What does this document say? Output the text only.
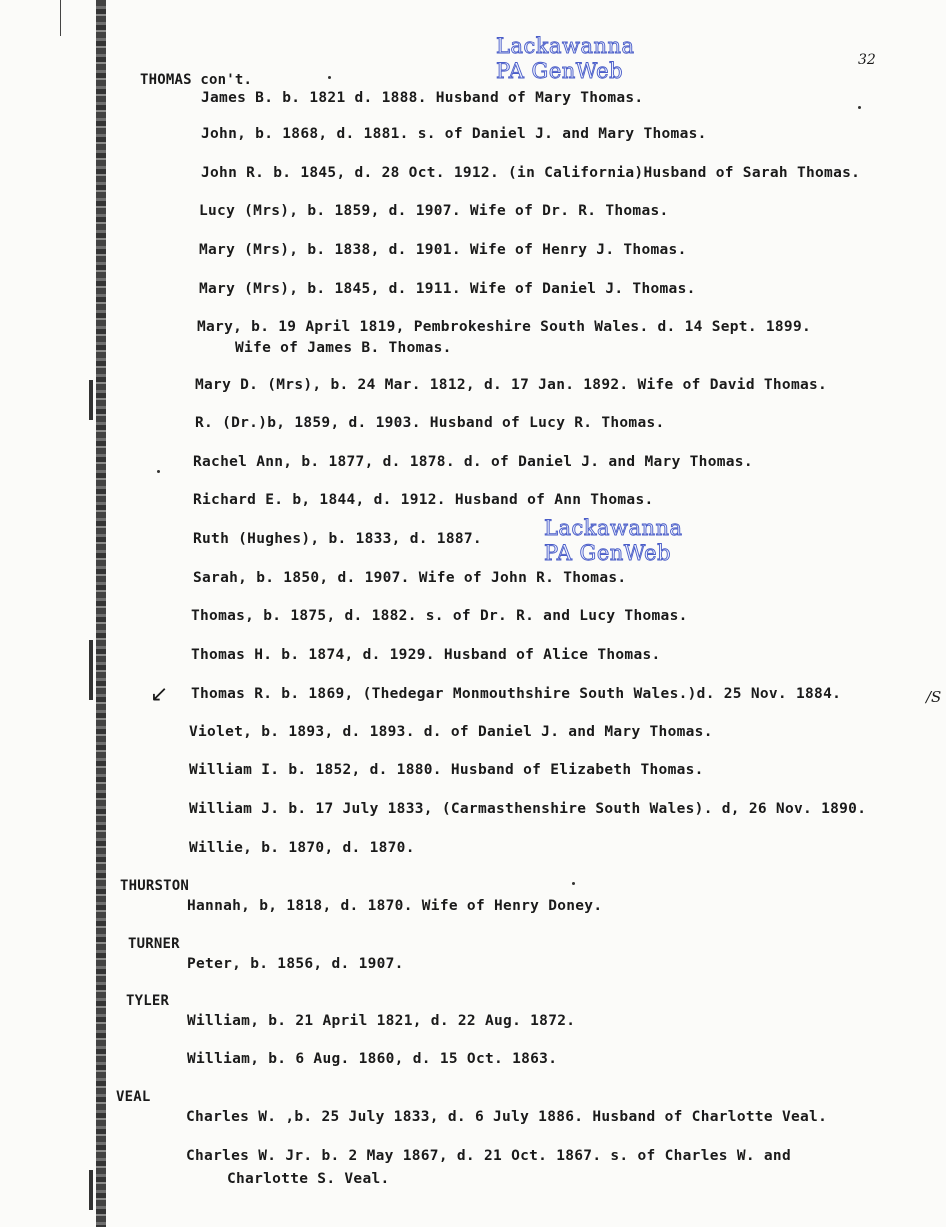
Lackawanna
PA GenWeb
Lackawanna
PA GenWeb
32
THOMAS con't.
James B. b. 1821 d. 1888. Husband of Mary Thomas.
John, b. 1868, d. 1881. s. of Daniel J. and Mary Thomas.
John R. b. 1845, d. 28 Oct. 1912. (in California)Husband of Sarah Thomas.
Lucy (Mrs), b. 1859, d. 1907. Wife of Dr. R. Thomas.
Mary (Mrs), b. 1838, d. 1901. Wife of Henry J. Thomas.
Mary (Mrs), b. 1845, d. 1911. Wife of Daniel J. Thomas.
Mary, b. 19 April 1819, Pembrokeshire South Wales. d. 14 Sept. 1899.
Wife of James B. Thomas.
Mary D. (Mrs), b. 24 Mar. 1812, d. 17 Jan. 1892. Wife of David Thomas.
R. (Dr.)b, 1859, d. 1903. Husband of Lucy R. Thomas.
Rachel Ann, b. 1877, d. 1878. d. of Daniel J. and Mary Thomas.
Richard E. b, 1844, d. 1912. Husband of Ann Thomas.
Ruth (Hughes), b. 1833, d. 1887.
Sarah, b. 1850, d. 1907. Wife of John R. Thomas.
Thomas, b. 1875, d. 1882. s. of Dr. R. and Lucy Thomas.
Thomas H. b. 1874, d. 1929. Husband of Alice Thomas.
↙ Thomas R. b. 1869, (Thedegar Monmouthshire South Wales.)d. 25 Nov. 1884.	/S
Violet, b. 1893, d. 1893. d. of Daniel J. and Mary Thomas.
William I. b. 1852, d. 1880. Husband of Elizabeth Thomas.
William J. b. 17 July 1833, (Carmasthenshire South Wales). d, 26 Nov. 1890.
Willie, b. 1870, d. 1870.
THURSTON
Hannah, b, 1818, d. 1870. Wife of Henry Doney.
TURNER
Peter, b. 1856, d. 1907.
TYLER
William, b. 21 April 1821, d. 22 Aug. 1872.
William, b. 6 Aug. 1860, d. 15 Oct. 1863.
VEAL
Charles W. ,b. 25 July 1833, d. 6 July 1886. Husband of Charlotte Veal.
Charles W. Jr. b. 2 May 1867, d. 21 Oct. 1867. s. of Charles W. and
Charlotte S. Veal.
